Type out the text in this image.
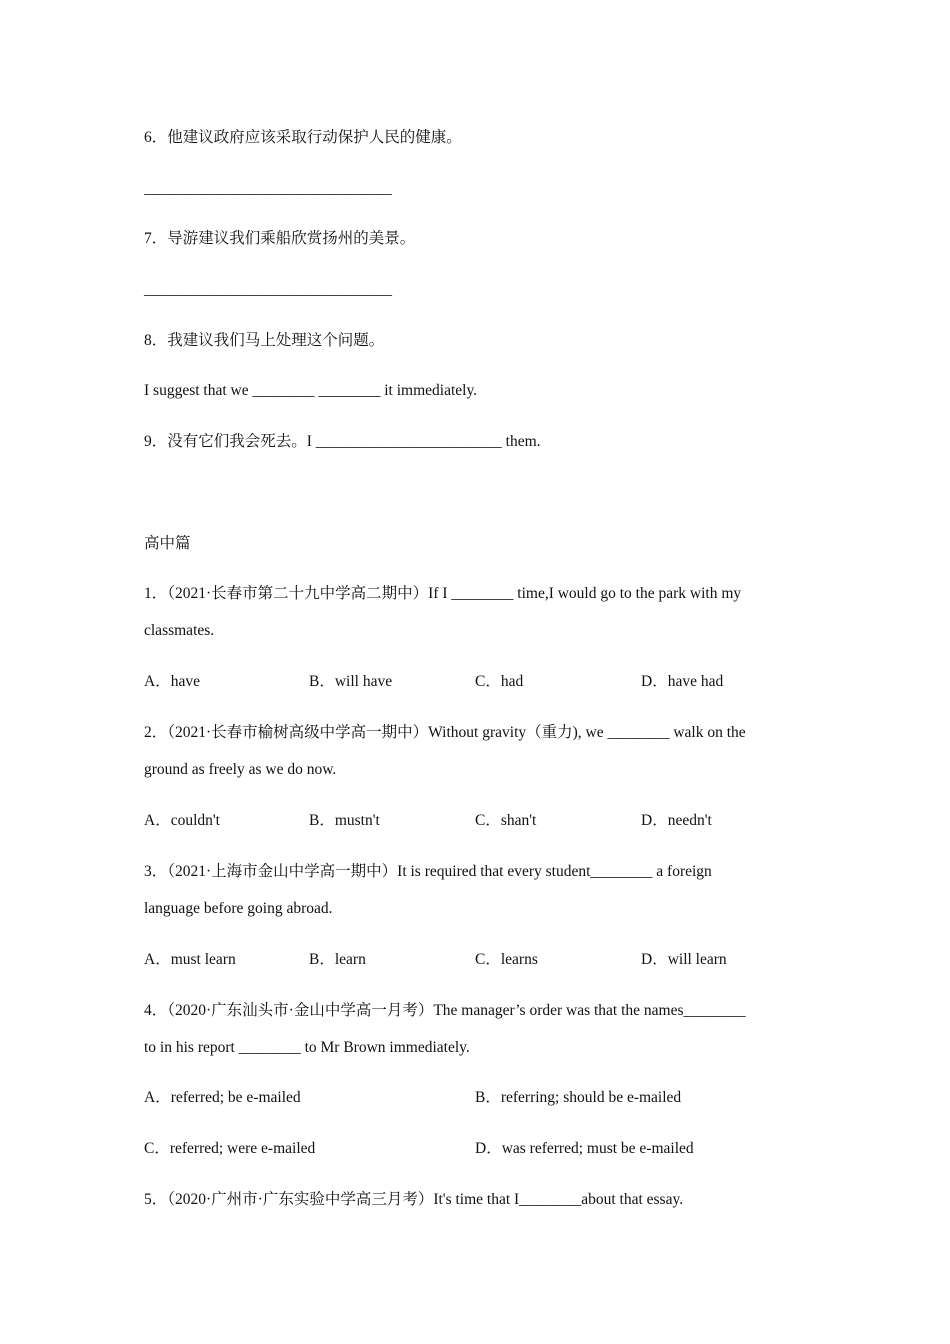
6．他建议政府应该采取行动保护人民的健康。
________________________________
7．导游建议我们乘船欣赏扬州的美景。
________________________________
8．我建议我们马上处理这个问题。
I suggest that we ________ ________ it immediately.
9．没有它们我会死去。I ________________________ them.
高中篇
1．（2021·长春市第二十九中学高二期中）If I ________ time,I would go to the park with my
classmates.
A．have	B．will have	C．had	D．have had
2．（2021·长春市榆树高级中学高一期中）Without gravity（重力), we ________ walk on the
ground as freely as we do now.
A．couldn't	B．mustn't	C．shan't	D．needn't
3．（2021·上海市金山中学高一期中）It is required that every student________ a foreign
language before going abroad.
A．must learn	B．learn	C．learns	D．will learn
4．（2020·广东汕头市·金山中学高一月考）The manager’s order was that the names________
to in his report ________ to Mr Brown immediately.
A．referred; be e-mailed	B．referring; should be e-mailed
C．referred; were e-mailed	D．was referred; must be e-mailed
5．（2020·广州市·广东实验中学高三月考）It's time that I________about that essay.
